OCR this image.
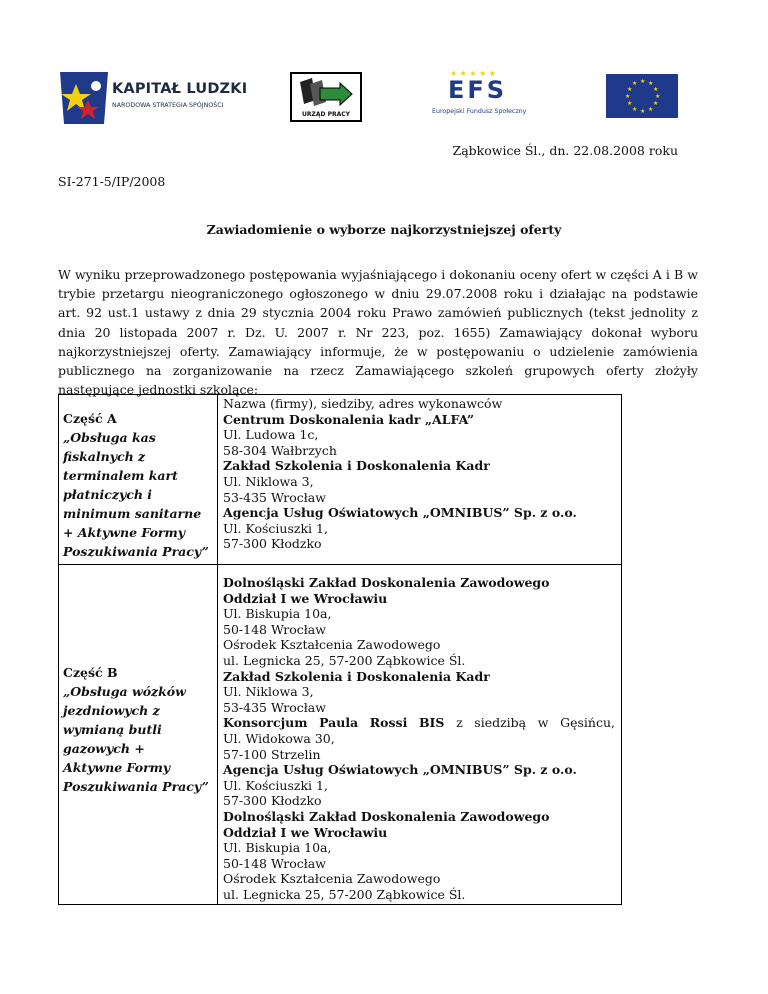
KAPITAŁ LUDZKI
NARODOWA STRATEGIA SPÓJNOŚCI
URZĄD PRACY
★ ★ ★ ★ ★
EFS
Europejski Fundusz Społeczny
★ ★
★
★
★
★
★
★
★
★
★
★
Ząbkowice Śl., dn. 22.08.2008 roku
SI-271-5/IP/2008
Zawiadomienie o wyborze najkorzystniejszej oferty
W wyniku przeprowadzonego postępowania wyjaśniającego i dokonaniu oceny ofert w części A i B w trybie przetargu nieograniczonego ogłoszonego w dniu 29.07.2008 roku i działając na podstawie art. 92 ust.1 ustawy z dnia 29 stycznia 2004 roku Prawo zamówień publicznych (tekst jednolity z dnia 20 listopada 2007 r. Dz. U. 2007 r. Nr 223, poz. 1655) Zamawiający dokonał wyboru najkorzystniejszej oferty. Zamawiający informuje, że w postępowaniu o udzielenie zamówienia publicznego na zorganizowanie na rzecz Zamawiającego szkoleń grupowych oferty złożyły następujące jednostki szkolące:
Część A
„Obsługa kas
fiskalnych z
terminalem kart
płatniczych i
minimum sanitarne
+ Aktywne Formy
Poszukiwania Pracy”
Nazwa (firmy), siedziby, adres wykonawców
Centrum Doskonalenia kadr „ALFA”
Ul. Ludowa 1c,
58-304 Wałbrzych
Zakład Szkolenia i Doskonalenia Kadr
Ul. Niklowa 3,
53-435 Wrocław
Agencja Usług Oświatowych „OMNIBUS” Sp. z o.o.
Ul. Kościuszki 1,
57-300 Kłodzko
Część B
„Obsługa wózków
jezdniowych z
wymianą butli
gazowych +
Aktywne Formy
Poszukiwania Pracy”
Dolnośląski Zakład Doskonalenia Zawodowego
Oddział I we Wrocławiu
Ul. Biskupia 10a,
50-148 Wrocław
Ośrodek Kształcenia Zawodowego
ul. Legnicka 25, 57-200 Ząbkowice Śl.
Zakład Szkolenia i Doskonalenia Kadr
Ul. Niklowa 3,
53-435 Wrocław
Konsorcjum Paula Rossi BIS z siedzibą w Gęsińcu,
Ul. Widokowa 30,
57-100 Strzelin
Agencja Usług Oświatowych „OMNIBUS” Sp. z o.o.
Ul. Kościuszki 1,
57-300 Kłodzko
Dolnośląski Zakład Doskonalenia Zawodowego
Oddział I we Wrocławiu
Ul. Biskupia 10a,
50-148 Wrocław
Ośrodek Kształcenia Zawodowego
ul. Legnicka 25, 57-200 Ząbkowice Śl.
